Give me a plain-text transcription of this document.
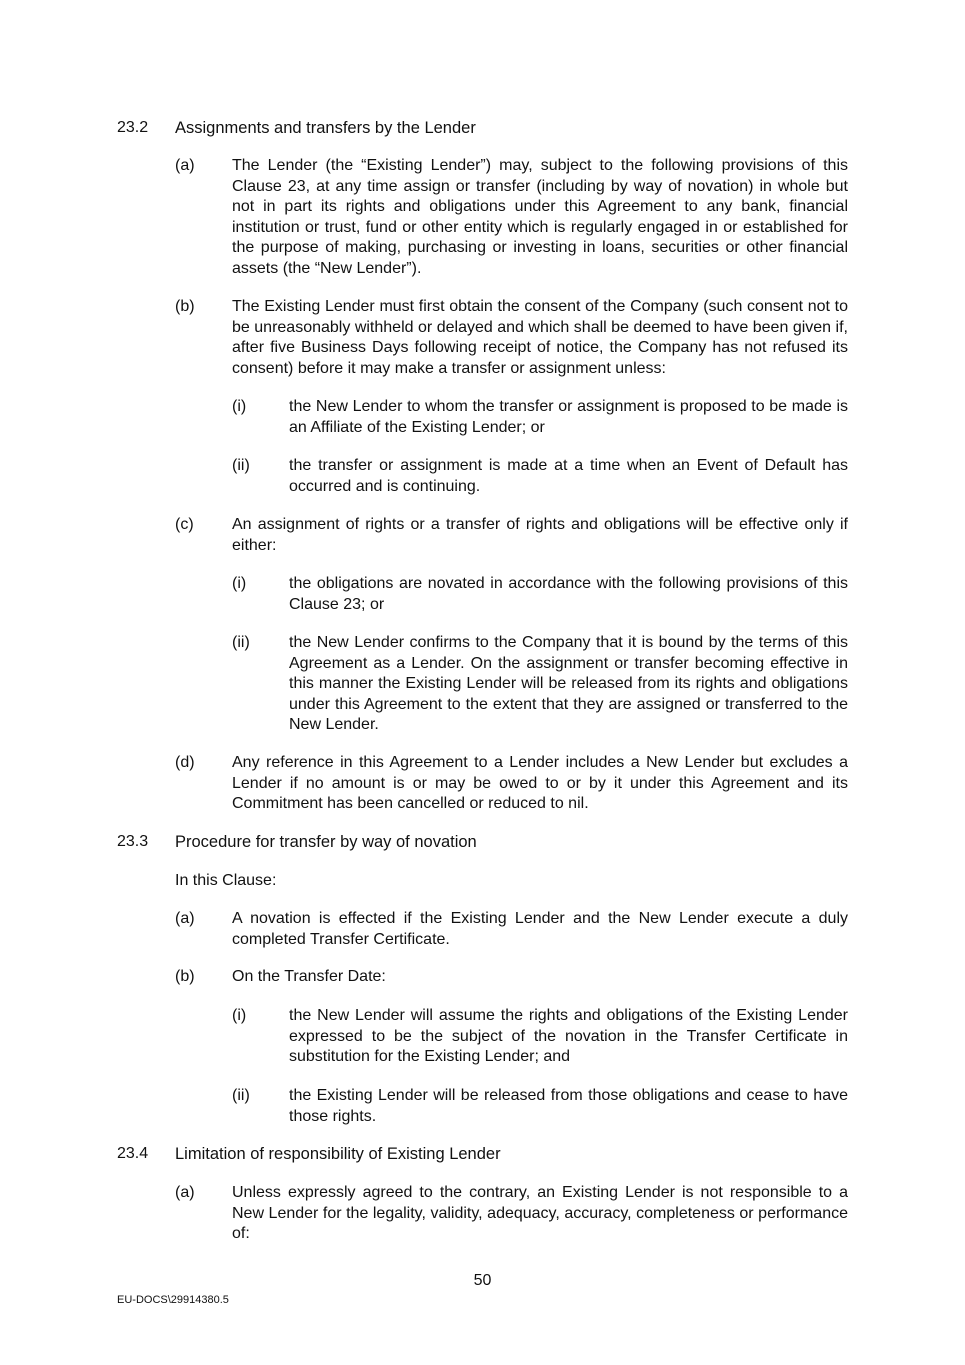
23.2 Assignments and transfers by the Lender
(a) The Lender (the “Existing Lender”) may, subject to the following provisions of this Clause 23, at any time assign or transfer (including by way of novation) in whole but not in part its rights and obligations under this Agreement to any bank, financial institution or trust, fund or other entity which is regularly engaged in or established for the purpose of making, purchasing or investing in loans, securities or other financial assets (the “New Lender”).
(b) The Existing Lender must first obtain the consent of the Company (such consent not to be unreasonably withheld or delayed and which shall be deemed to have been given if, after five Business Days following receipt of notice, the Company has not refused its consent) before it may make a transfer or assignment unless:
(i)	the New Lender to whom the transfer or assignment is proposed to be made is an Affiliate of the Existing Lender; or
(ii) the transfer or assignment is made at a time when an Event of Default has occurred and is continuing.
(c) An assignment of rights or a transfer of rights and obligations will be effective only if either:
(i)	the obligations are novated in accordance with the following provisions of this Clause 23; or
(ii) the New Lender confirms to the Company that it is bound by the terms of this Agreement as a Lender. On the assignment or transfer becoming effective in this manner the Existing Lender will be released from its rights and obligations under this Agreement to the extent that they are assigned or transferred to the New Lender.
(d) Any reference in this Agreement to a Lender includes a New Lender but excludes a Lender if no amount is or may be owed to or by it under this Agreement and its Commitment has been cancelled or reduced to nil.
23.3 Procedure for transfer by way of novation
In this Clause:
(a) A novation is effected if the Existing Lender and the New Lender execute a duly completed Transfer Certificate.
(b) On the Transfer Date:
(i)	the New Lender will assume the rights and obligations of the Existing Lender expressed to be the subject of the novation in the Transfer Certificate in substitution for the Existing Lender; and
(ii) the Existing Lender will be released from those obligations and cease to have those rights.
23.4 Limitation of responsibility of Existing Lender
(a) Unless expressly agreed to the contrary, an Existing Lender is not responsible to a New Lender for the legality, validity, adequacy, accuracy, completeness or performance of:
50
EU-DOCS\29914380.5
